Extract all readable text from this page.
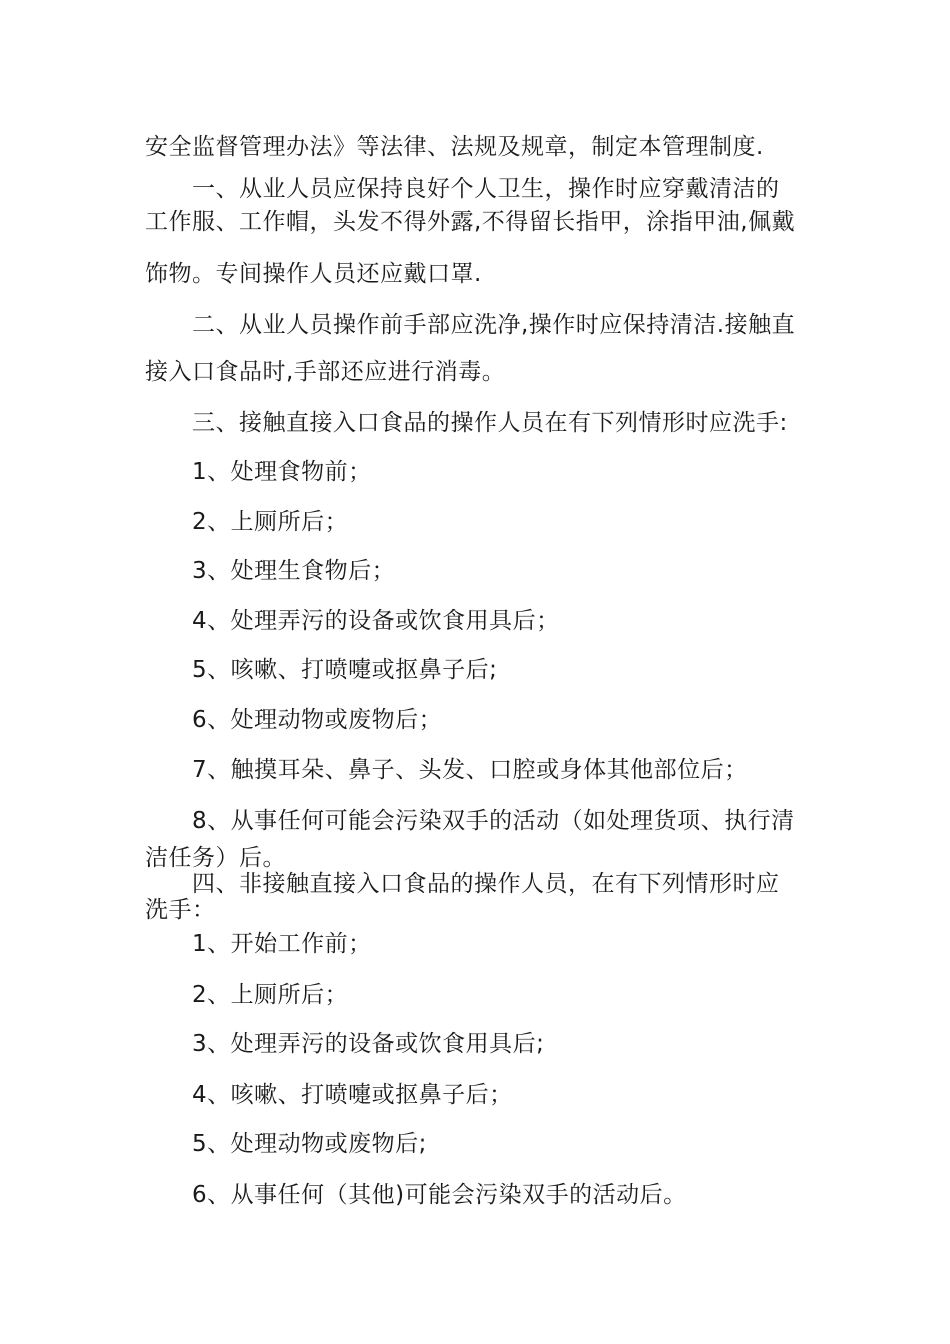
安全监督管理办法》等法律、法规及规章，制定本管理制度.
一、从业人员应保持良好个人卫生，操作时应穿戴清洁的
工作服、工作帽，头发不得外露,不得留长指甲，涂指甲油,佩戴
饰物。专间操作人员还应戴口罩.
二、从业人员操作前手部应洗净,操作时应保持清洁.接触直
接入口食品时,手部还应进行消毒。
三、接触直接入口食品的操作人员在有下列情形时应洗手:
1、处理食物前；
2、上厕所后；
3、处理生食物后；
4、处理弄污的设备或饮食用具后；
5、咳嗽、打喷嚏或抠鼻子后;
6、处理动物或废物后；
7、触摸耳朵、鼻子、头发、口腔或身体其他部位后；
8、从事任何可能会污染双手的活动（如处理货项、执行清
洁任务）后。
四、非接触直接入口食品的操作人员，在有下列情形时应
洗手：
1、开始工作前；
2、上厕所后；
3、处理弄污的设备或饮食用具后;
4、咳嗽、打喷嚏或抠鼻子后；
5、处理动物或废物后;
6、从事任何（其他)可能会污染双手的活动后。
